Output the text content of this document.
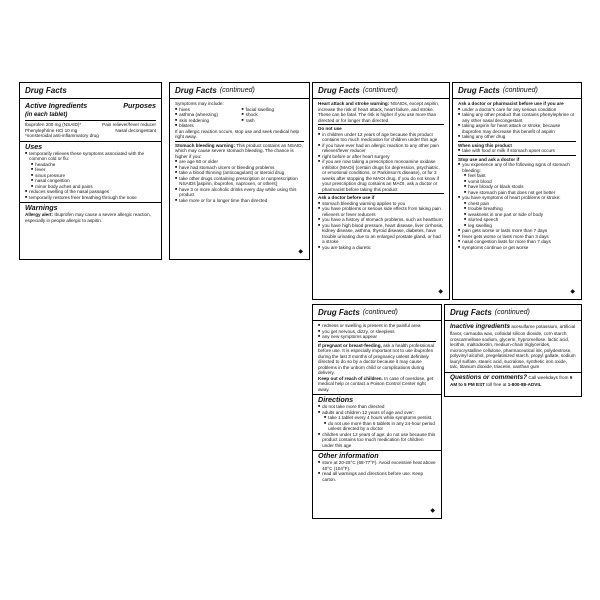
Drug Facts
Active Ingredients
(in each tablet)
Purposes
Ibuprofen 200 mg (NSAID)*	Pain reliever/fever reducer
Phenylephrine HCl 10 mg	Nasal decongestant
*nonsteroidal anti-inflammatory drug
Uses
■ temporarily relieves these symptoms associated with the common cold or flu:
■ headache
■ fever
■ sinus pressure
■ nasal congestion
■ minor body aches and pains
■ reduces swelling of the nasal passages
■ temporarily restores freer breathing through the nose
Warnings
Allergy alert: Ibuprofen may cause a severe allergic reaction, especially in people allergic to aspirin.
Drug Facts (continued)
Symptoms may include:
■ hives
■ asthma (wheezing)
■ skin reddening
■ blisters
■ facial swelling
■ shock
■ rash
If an allergic reaction occurs, stop use and seek medical help right away.
Stomach bleeding warning: This product contains an NSAID, which may cause severe stomach bleeding. The chance is higher if you:
■ are age 60 or older
■ have had stomach ulcers or bleeding problems
■ take a blood thinning (anticoagulant) or steroid drug
■ take other drugs containing prescription or nonprescription NSAIDs [aspirin, ibuprofen, naproxen, or others]
■ have 3 or more alcoholic drinks every day while using this product
■ take more or for a longer time than directed
◆
Drug Facts (continued)
Heart attack and stroke warning: NSAIDs, except aspirin, increase the risk of heart attack, heart failure, and stroke. These can be fatal. The risk is higher if you use more than directed or for longer than directed.
Do not use
■ in children under 12 years of age because this product contains too much medication for children under this age
■ if you have ever had an allergic reaction to any other pain reliever/fever reducer
■ right before or after heart surgery
■ if you are now taking a prescription monoamine oxidase inhibitor (MAOI) (certain drugs for depression, psychiatric, or emotional conditions, or Parkinson's disease), or for 2 weeks after stopping the MAOI drug. If you do not know if your prescription drug contains an MAOI, ask a doctor or pharmacist before taking this product
Ask a doctor before use if
■ stomach bleeding warning applies to you
■ you have problems or serious side effects from taking pain relievers or fever reducers
■ you have a history of stomach problems, such as heartburn
■ you have high blood pressure, heart disease, liver cirrhosis, kidney disease, asthma, thyroid disease, diabetes, have trouble urinating due to an enlarged prostate gland, or had a stroke
■ you are taking a diuretic
◆
Drug Facts (continued)
Ask a doctor or pharmacist before use if you are
■ under a doctor's care for any serious condition
■ taking any other product that contains phenylephrine or any other nasal decongestant
■ taking aspirin for heart attack or stroke, because ibuprofen may decrease this benefit of aspirin
■ taking any other drug
When using this product
■ take with food or milk if stomach upset occurs
Stop use and ask a doctor if
■ you experience any of the following signs of stomach bleeding:
■ feel faint
■ vomit blood
■ have bloody or black stools
■ have stomach pain that does not get better
■ you have symptoms of heart problems or stroke:
■ chest pain
■ trouble breathing
■ weakness in one part or side of body
■ slurred speech
■ leg swelling
■ pain gets worse or lasts more than 7 days
■ fever gets worse or lasts more than 3 days
■ nasal congestion lasts for more than 7 days
■ symptoms continue or get worse
◆
Drug Facts (continued)
■ redness or swelling is present in the painful area
■ you get nervous, dizzy, or sleepless
■ any new symptoms appear
If pregnant or breast-feeding, ask a health professional before use. It is especially important not to use ibuprofen during the last 3 months of pregnancy unless definitely directed to do so by a doctor because it may cause problems in the unborn child or complications during delivery.
Keep out of reach of children. In case of overdose, get medical help or contact a Poison Control Center right away.
Directions
■ do not take more than directed
■ adults and children 12 years of age and over:
■ take 1 tablet every 4 hours while symptoms persist.
■ do not use more than 6 tablets in any 24-hour period unless directed by a doctor
■ children under 12 years of age: do not use because this product contains too much medication for children under this age
Other information
■ store at 20-25°C (68-77°F). Avoid excessive heat above 40°C (104°F).
■ read all warnings and directions before use. Keep carton.
◆
Drug Facts (continued)
Inactive ingredients acesulfame potassium, artificial flavor, carnauba wax, colloidal silicon dioxide, corn starch, croscarmellose sodium, glycerin, hypromellose, lactic acid, lecithin, maltodextrin, medium-chain triglycerides, microcrystalline cellulose, pharmaceutical ink, polydextrose, polyvinyl alcohol, pregelatinized starch, propyl gallate, sodium lauryl sulfate, stearic acid, sucralose, synthetic iron oxide, talc, titanium dioxide, triacetin, xanthan gum
Questions or comments? Call weekdays from 9 AM to 5 PM EST toll free at 1-800-88-ADVIL
